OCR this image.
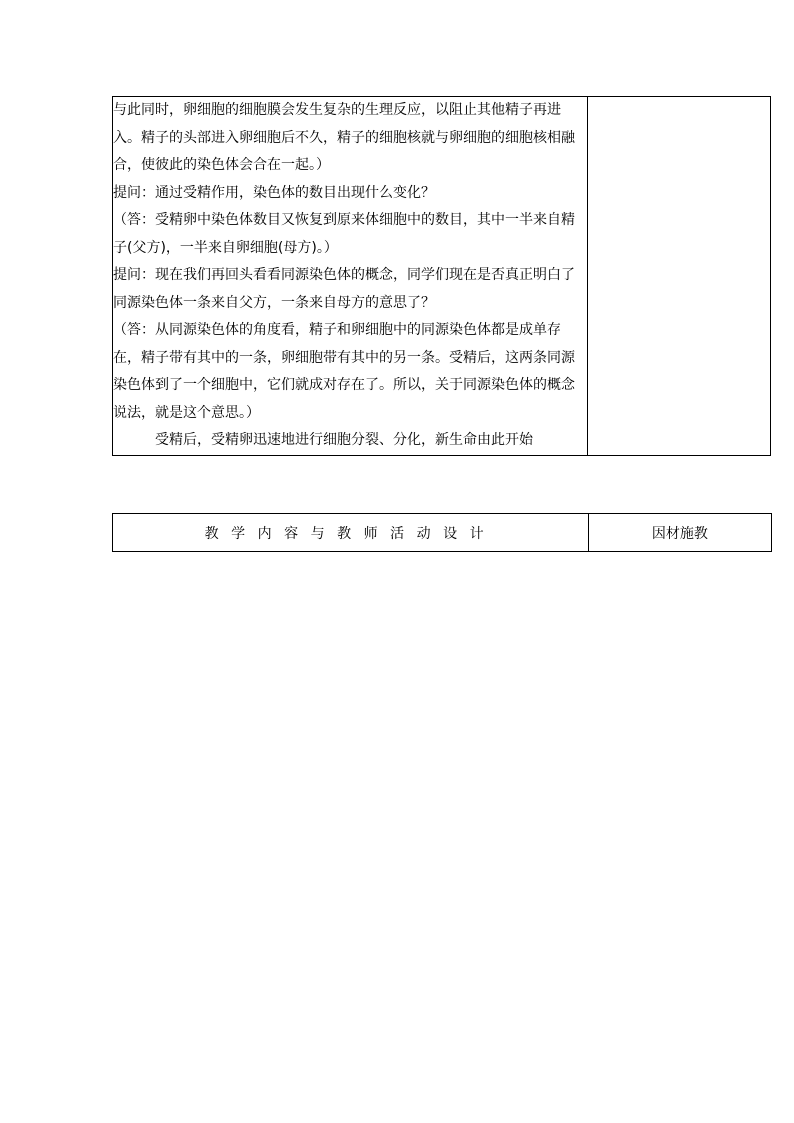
与此同时，卵细胞的细胞膜会发生复杂的生理反应，以阻止其他精子再进入。精子的头部进入卵细胞后不久，精子的细胞核就与卵细胞的细胞核相融合，使彼此的染色体会合在一起。）

提问：通过受精作用，染色体的数目出现什么变化？

（答：受精卵中染色体数目又恢复到原来体细胞中的数目，其中一半来自精子(父方)，一半来自卵细胞(母方)。）

提问：现在我们再回头看看同源染色体的概念，同学们现在是否真正明白了同源染色体一条来自父方，一条来自母方的意思了？

（答：从同源染色体的角度看，精子和卵细胞中的同源染色体都是成单存在，精子带有其中的一条，卵细胞带有其中的另一条。受精后，这两条同源染色体到了一个细胞中，它们就成对存在了。所以，关于同源染色体的概念说法，就是这个意思。）

受精后，受精卵迅速地进行细胞分裂、分化，新生命由此开始

教学内容与教师活动设计	因材施教
